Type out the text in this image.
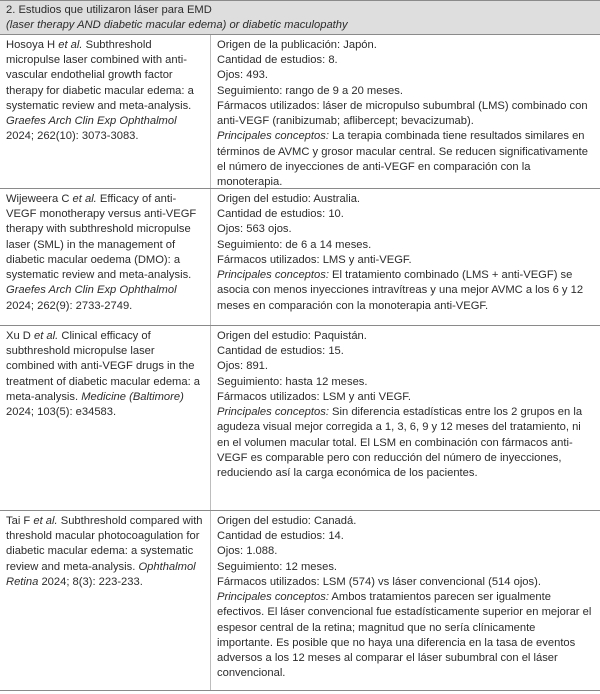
2. Estudios que utilizaron láser para EMD
(laser therapy AND diabetic macular edema) or diabetic maculopathy
Hosoya H et al. Subthreshold micropulse laser combined with anti-vascular endothelial growth factor therapy for diabetic macular edema: a systematic review and meta-analysis. Graefes Arch Clin Exp Ophthalmol 2024; 262(10): 3073-3083.
Origen de la publicación: Japón.
Cantidad de estudios: 8.
Ojos: 493.
Seguimiento: rango de 9 a 20 meses.
Fármacos utilizados: láser de micropulso subumbral (LMS) combinado con anti-VEGF (ranibizumab; aflibercept; bevacizumab).
Principales conceptos: La terapia combinada tiene resultados similares en términos de AVMC y grosor macular central. Se reducen significativamente el número de inyecciones de anti-VEGF en comparación con la monoterapia.
Wijeweera C et al. Efficacy of anti-VEGF monotherapy versus anti-VEGF therapy with subthreshold micropulse laser (SML) in the management of diabetic macular oedema (DMO): a systematic review and meta-analysis. Graefes Arch Clin Exp Ophthalmol 2024; 262(9): 2733-2749.
Origen del estudio: Australia.
Cantidad de estudios: 10.
Ojos: 563 ojos.
Seguimiento: de 6 a 14 meses.
Fármacos utilizados: LMS y anti-VEGF.
Principales conceptos: El tratamiento combinado (LMS + anti-VEGF) se asocia con menos inyecciones intravítreas y una mejor AVMC a los 6 y 12 meses en comparación con la monoterapia anti-VEGF.
Xu D et al. Clinical efficacy of subthreshold micropulse laser combined with anti-VEGF drugs in the treatment of diabetic macular edema: a meta-analysis. Medicine (Baltimore) 2024; 103(5): e34583.
Origen del estudio: Paquistán.
Cantidad de estudios: 15.
Ojos: 891.
Seguimiento: hasta 12 meses.
Fármacos utilizados: LSM y anti VEGF.
Principales conceptos: Sin diferencia estadísticas entre los 2 grupos en la agudeza visual mejor corregida a 1, 3, 6, 9 y 12 meses del tratamiento, ni en el volumen macular total. El LSM en combinación con fármacos anti-VEGF es comparable pero con reducción del número de inyecciones, reduciendo así la carga económica de los pacientes.
Tai F et al. Subthreshold compared with threshold macular photocoagulation for diabetic macular edema: a systematic review and meta-analysis. Ophthalmol Retina 2024; 8(3): 223-233.
Origen del estudio: Canadá.
Cantidad de estudios: 14.
Ojos: 1.088.
Seguimiento: 12 meses.
Fármacos utilizados: LSM (574) vs láser convencional (514 ojos).
Principales conceptos: Ambos tratamientos parecen ser igualmente efectivos. El láser convencional fue estadísticamente superior en mejorar el espesor central de la retina; magnitud que no sería clínicamente importante. Es posible que no haya una diferencia en la tasa de eventos adversos a los 12 meses al comparar el láser subumbral con el láser convencional.
